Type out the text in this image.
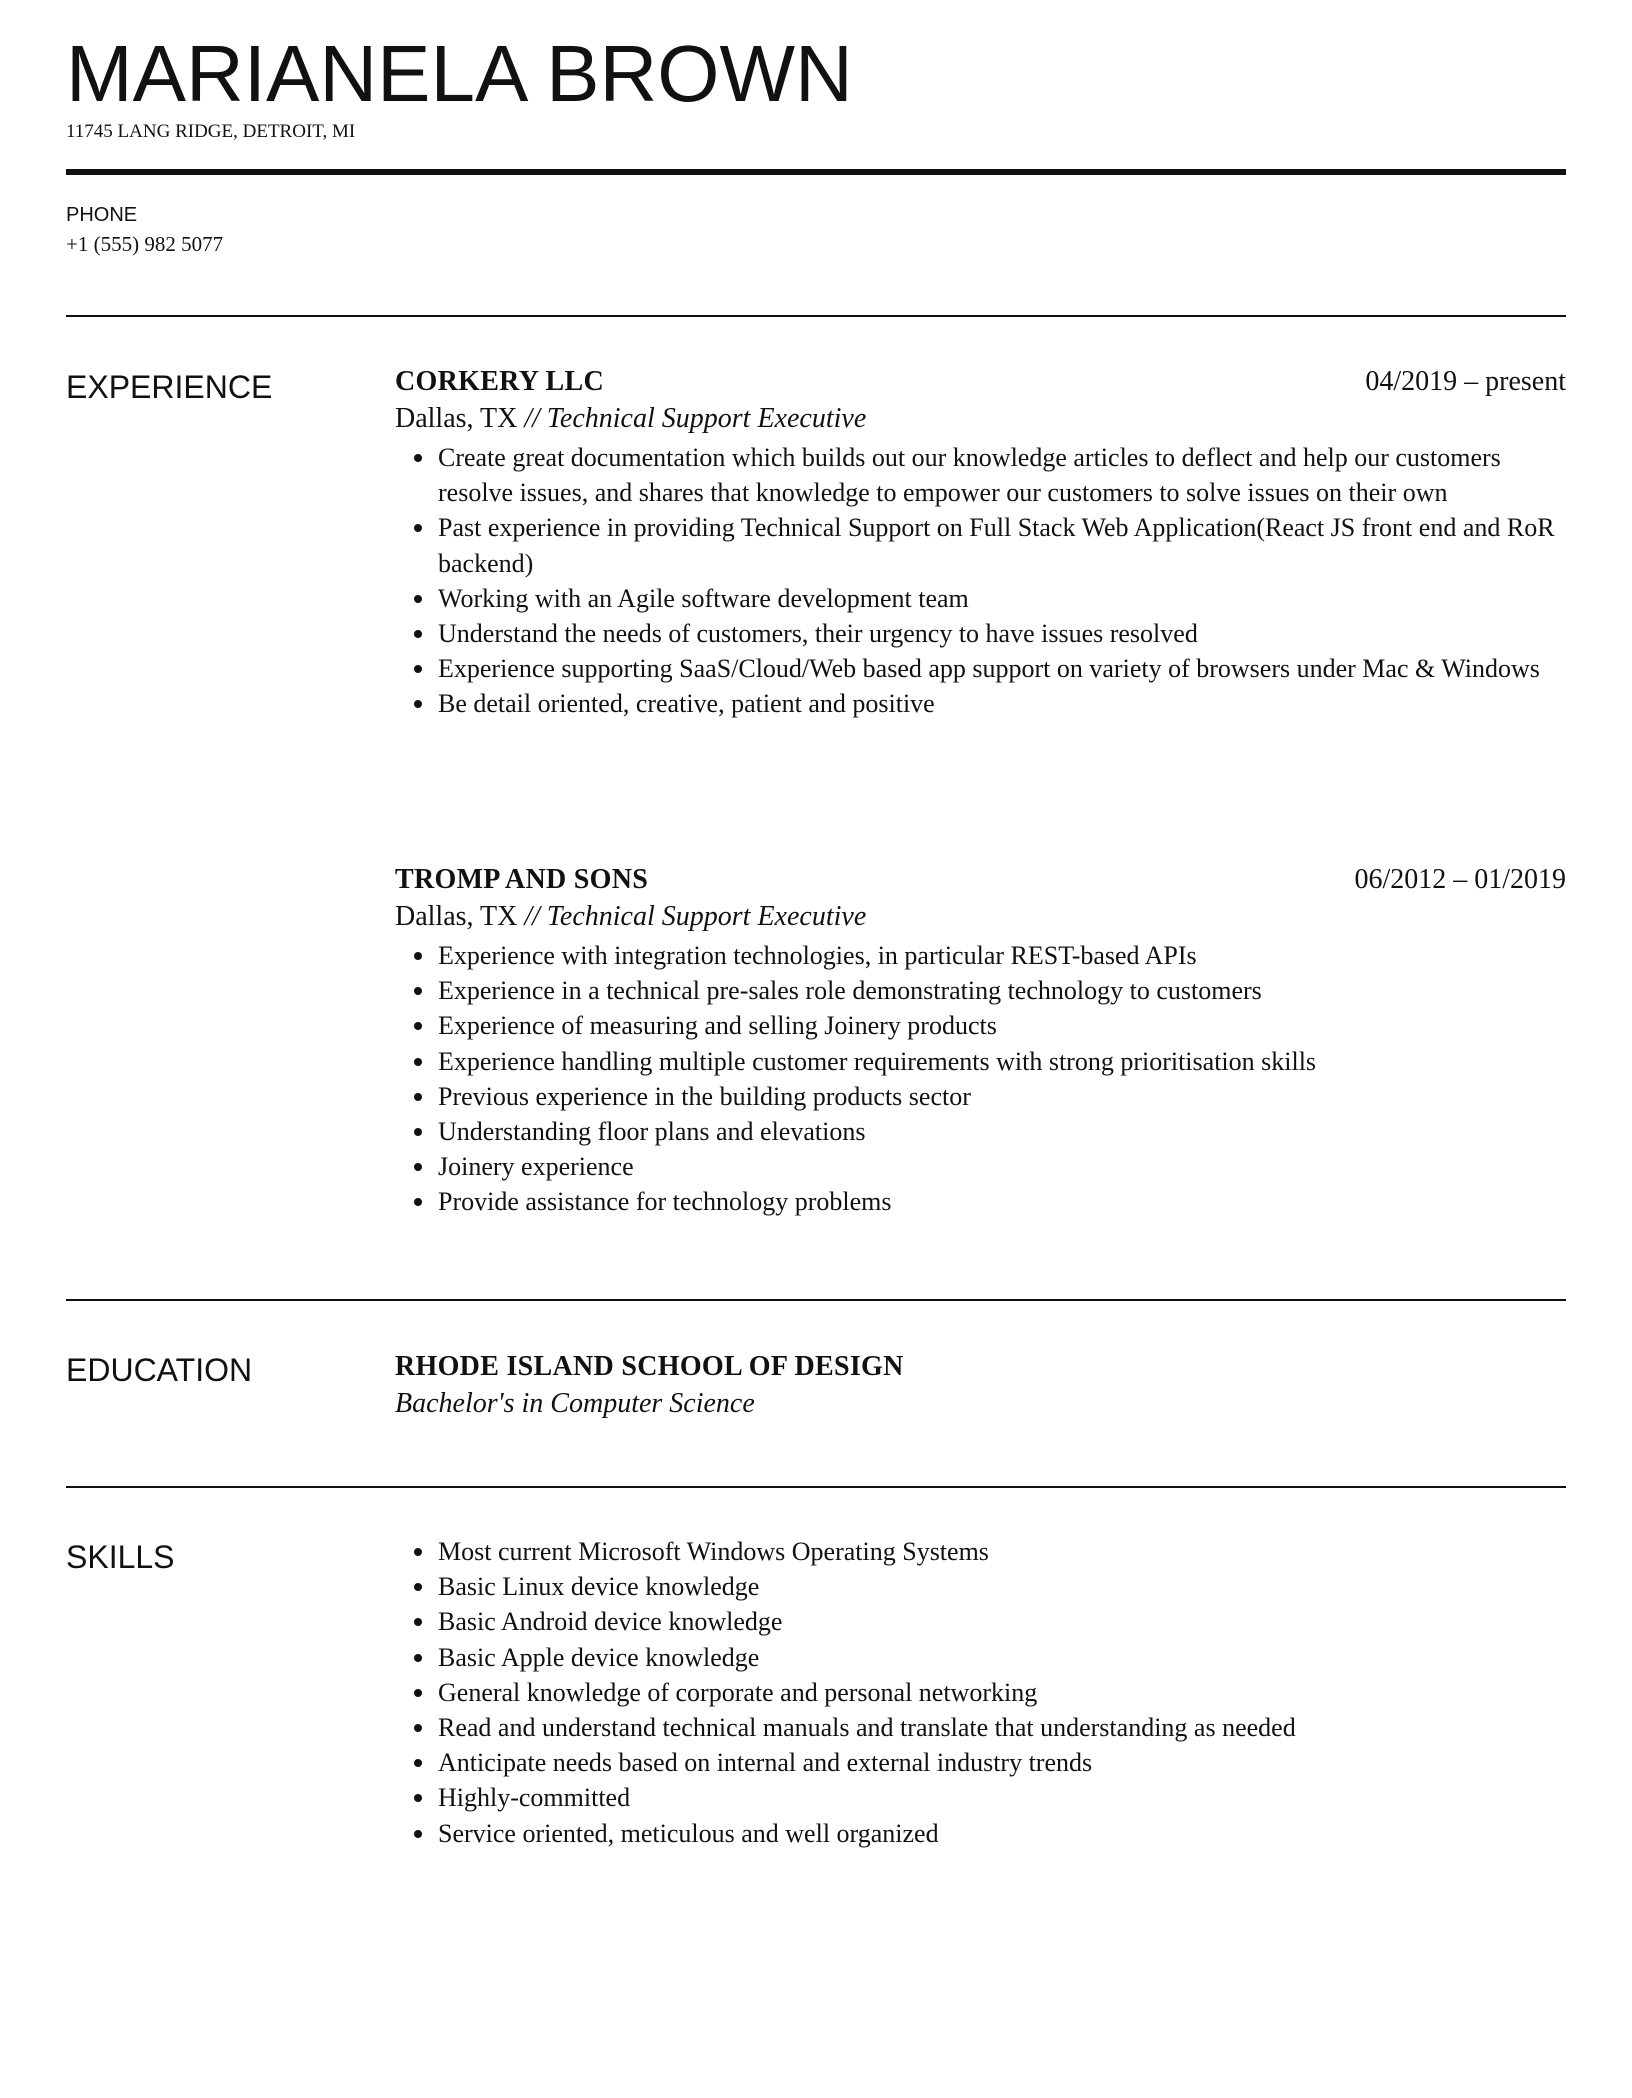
MARIANELA BROWN
11745 LANG RIDGE, DETROIT, MI
PHONE
+1 (555) 982 5077
EXPERIENCE	CORKERY LLC	04/2019 – present
Dallas, TX // Technical Support Executive
Create great documentation which builds out our knowledge articles to deflect and help our customers resolve issues, and shares that knowledge to empower our customers to solve issues on their own
Past experience in providing Technical Support on Full Stack Web Application(React JS front end and RoR backend)
Working with an Agile software development team
Understand the needs of customers, their urgency to have issues resolved
Experience supporting SaaS/Cloud/Web based app support on variety of browsers under Mac & Windows
Be detail oriented, creative, patient and positive
TROMP AND SONS	06/2012 – 01/2019
Dallas, TX // Technical Support Executive
Experience with integration technologies, in particular REST-based APIs
Experience in a technical pre-sales role demonstrating technology to customers
Experience of measuring and selling Joinery products
Experience handling multiple customer requirements with strong prioritisation skills
Previous experience in the building products sector
Understanding floor plans and elevations
Joinery experience
Provide assistance for technology problems
EDUCATION	RHODE ISLAND SCHOOL OF DESIGN
Bachelor's in Computer Science
SKILLS	Most current Microsoft Windows Operating Systems
Basic Linux device knowledge
Basic Android device knowledge
Basic Apple device knowledge
General knowledge of corporate and personal networking
Read and understand technical manuals and translate that understanding as needed
Anticipate needs based on internal and external industry trends
Highly-committed
Service oriented, meticulous and well organized
